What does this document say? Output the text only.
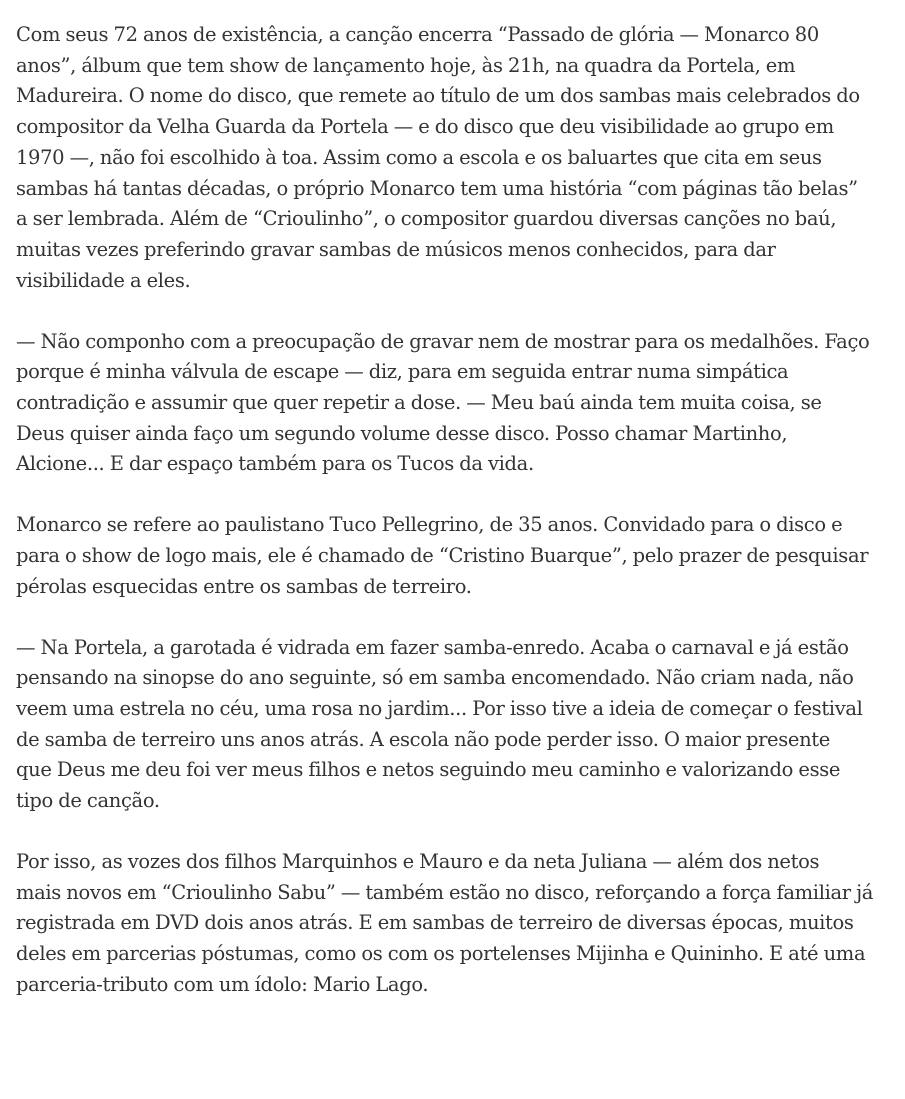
Com seus 72 anos de existência, a canção encerra “Passado de glória — Monarco 80
anos”, álbum que tem show de lançamento hoje, às 21h, na quadra da Portela, em
Madureira. O nome do disco, que remete ao título de um dos sambas mais celebrados do
compositor da Velha Guarda da Portela — e do disco que deu visibilidade ao grupo em
1970 —, não foi escolhido à toa. Assim como a escola e os baluartes que cita em seus
sambas há tantas décadas, o próprio Monarco tem uma história “com páginas tão belas”
a ser lembrada. Além de “Crioulinho”, o compositor guardou diversas canções no baú,
muitas vezes preferindo gravar sambas de músicos menos conhecidos, para dar
visibilidade a eles.

— Não componho com a preocupação de gravar nem de mostrar para os medalhões. Faço
porque é minha válvula de escape — diz, para em seguida entrar numa simpática
contradição e assumir que quer repetir a dose. — Meu baú ainda tem muita coisa, se
Deus quiser ainda faço um segundo volume desse disco. Posso chamar Martinho,
Alcione... E dar espaço também para os Tucos da vida.

Monarco se refere ao paulistano Tuco Pellegrino, de 35 anos. Convidado para o disco e
para o show de logo mais, ele é chamado de “Cristino Buarque”, pelo prazer de pesquisar
pérolas esquecidas entre os sambas de terreiro.

— Na Portela, a garotada é vidrada em fazer samba-enredo. Acaba o carnaval e já estão
pensando na sinopse do ano seguinte, só em samba encomendado. Não criam nada, não
veem uma estrela no céu, uma rosa no jardim... Por isso tive a ideia de começar o festival
de samba de terreiro uns anos atrás. A escola não pode perder isso. O maior presente
que Deus me deu foi ver meus filhos e netos seguindo meu caminho e valorizando esse
tipo de canção.

Por isso, as vozes dos filhos Marquinhos e Mauro e da neta Juliana — além dos netos
mais novos em “Crioulinho Sabu” — também estão no disco, reforçando a força familiar já
registrada em DVD dois anos atrás. E em sambas de terreiro de diversas épocas, muitos
deles em parcerias póstumas, como os com os portelenses Mijinha e Quininho. E até uma
parceria-tributo com um ídolo: Mario Lago.
